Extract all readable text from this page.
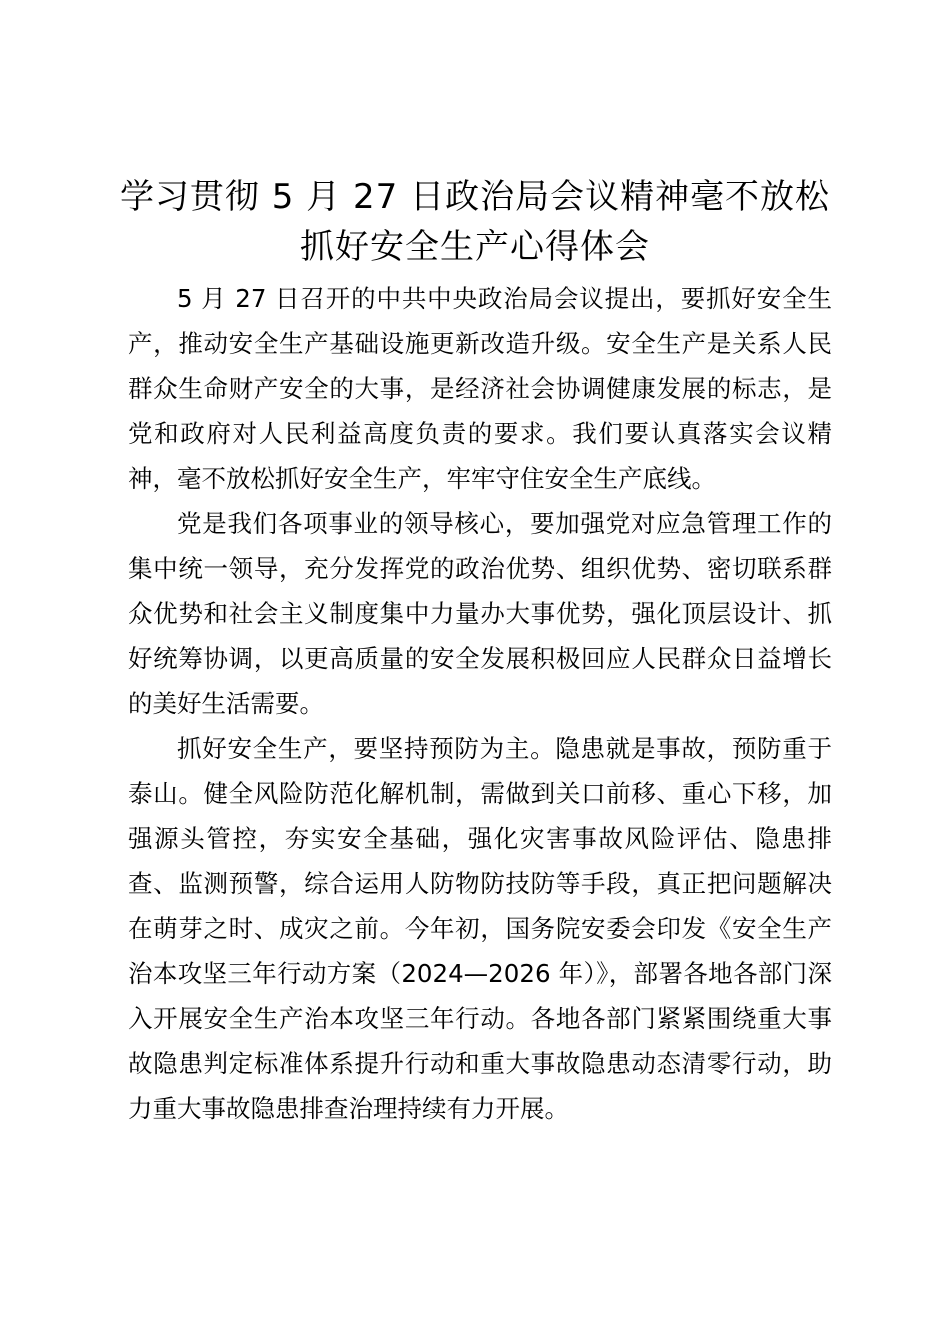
学习贯彻 5 月 27 日政治局会议精神毫不放松
抓好安全生产心得体会

5 月 27 日召开的中共中央政治局会议提出，要抓好安全生产，推动安全生产基础设施更新改造升级。安全生产是关系人民群众生命财产安全的大事，是经济社会协调健康发展的标志，是党和政府对人民利益高度负责的要求。我们要认真落实会议精神，毫不放松抓好安全生产，牢牢守住安全生产底线。

党是我们各项事业的领导核心，要加强党对应急管理工作的集中统一领导，充分发挥党的政治优势、组织优势、密切联系群众优势和社会主义制度集中力量办大事优势，强化顶层设计、抓好统筹协调，以更高质量的安全发展积极回应人民群众日益增长的美好生活需要。

抓好安全生产，要坚持预防为主。隐患就是事故，预防重于泰山。健全风险防范化解机制，需做到关口前移、重心下移，加强源头管控，夯实安全基础，强化灾害事故风险评估、隐患排查、监测预警，综合运用人防物防技防等手段，真正把问题解决在萌芽之时、成灾之前。今年初，国务院安委会印发《安全生产治本攻坚三年行动方案（2024—2026 年）》，部署各地各部门深入开展安全生产治本攻坚三年行动。各地各部门紧紧围绕重大事故隐患判定标准体系提升行动和重大事故隐患动态清零行动，助力重大事故隐患排查治理持续有力开展。
